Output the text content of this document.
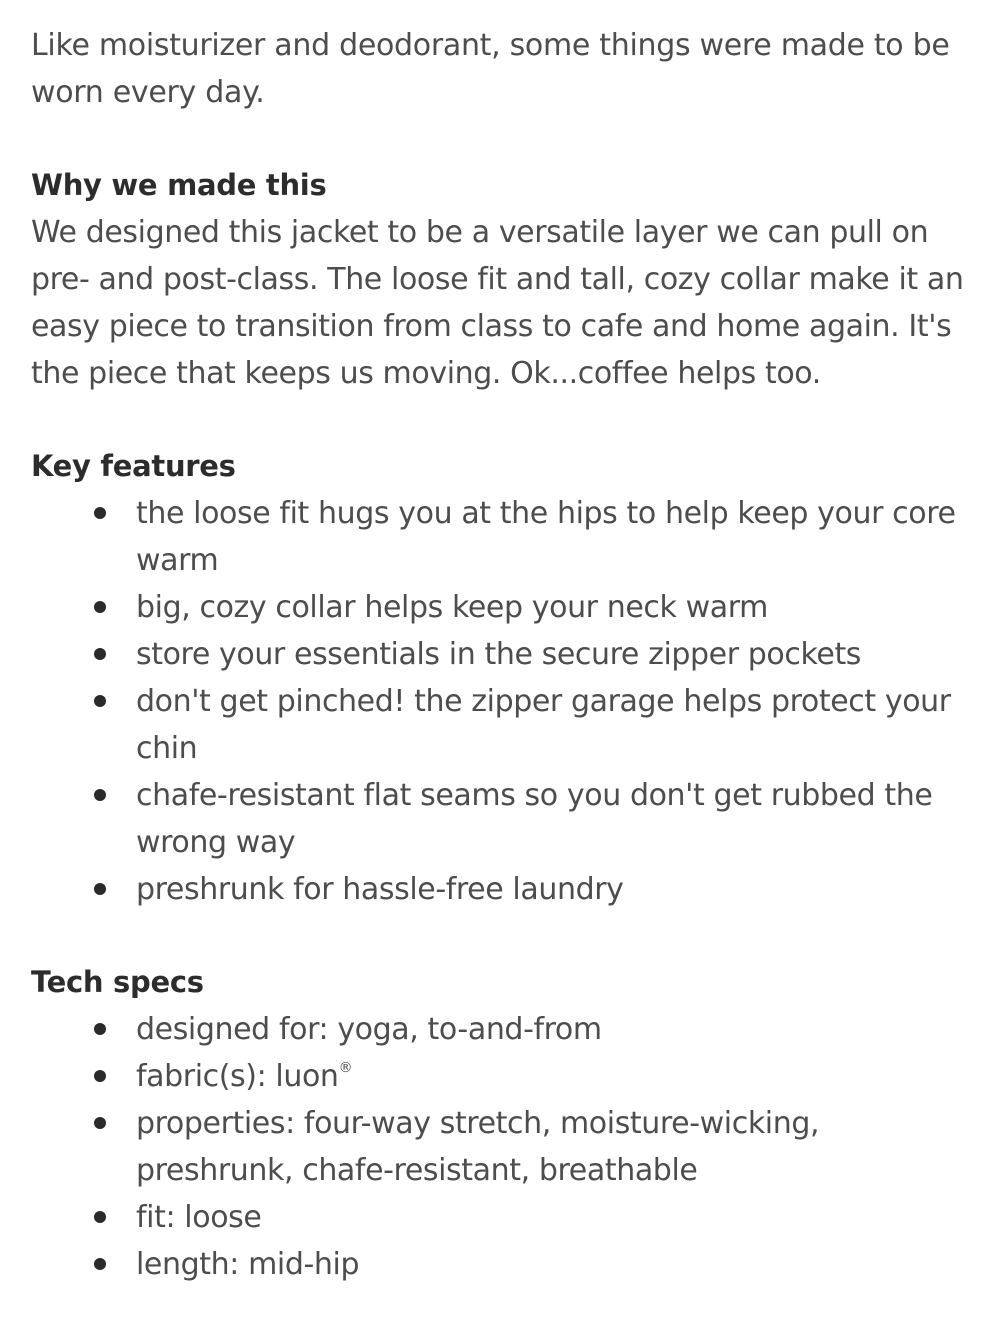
Like moisturizer and deodorant, some things were made to be worn every day.

Why we made this

We designed this jacket to be a versatile layer we can pull on pre- and post-class. The loose fit and tall, cozy collar make it an easy piece to transition from class to cafe and home again. It's the piece that keeps us moving. Ok...coffee helps too.

Key features
the loose fit hugs you at the hips to help keep your core warm
big, cozy collar helps keep your neck warm
store your essentials in the secure zipper pockets
don't get pinched! the zipper garage helps protect your chin
chafe-resistant flat seams so you don't get rubbed the wrong way
preshrunk for hassle-free laundry
Tech specs
designed for: yoga, to-and-from
fabric(s): luon®
properties: four-way stretch, moisture-wicking, preshrunk, chafe-resistant, breathable
fit: loose
length: mid-hip
